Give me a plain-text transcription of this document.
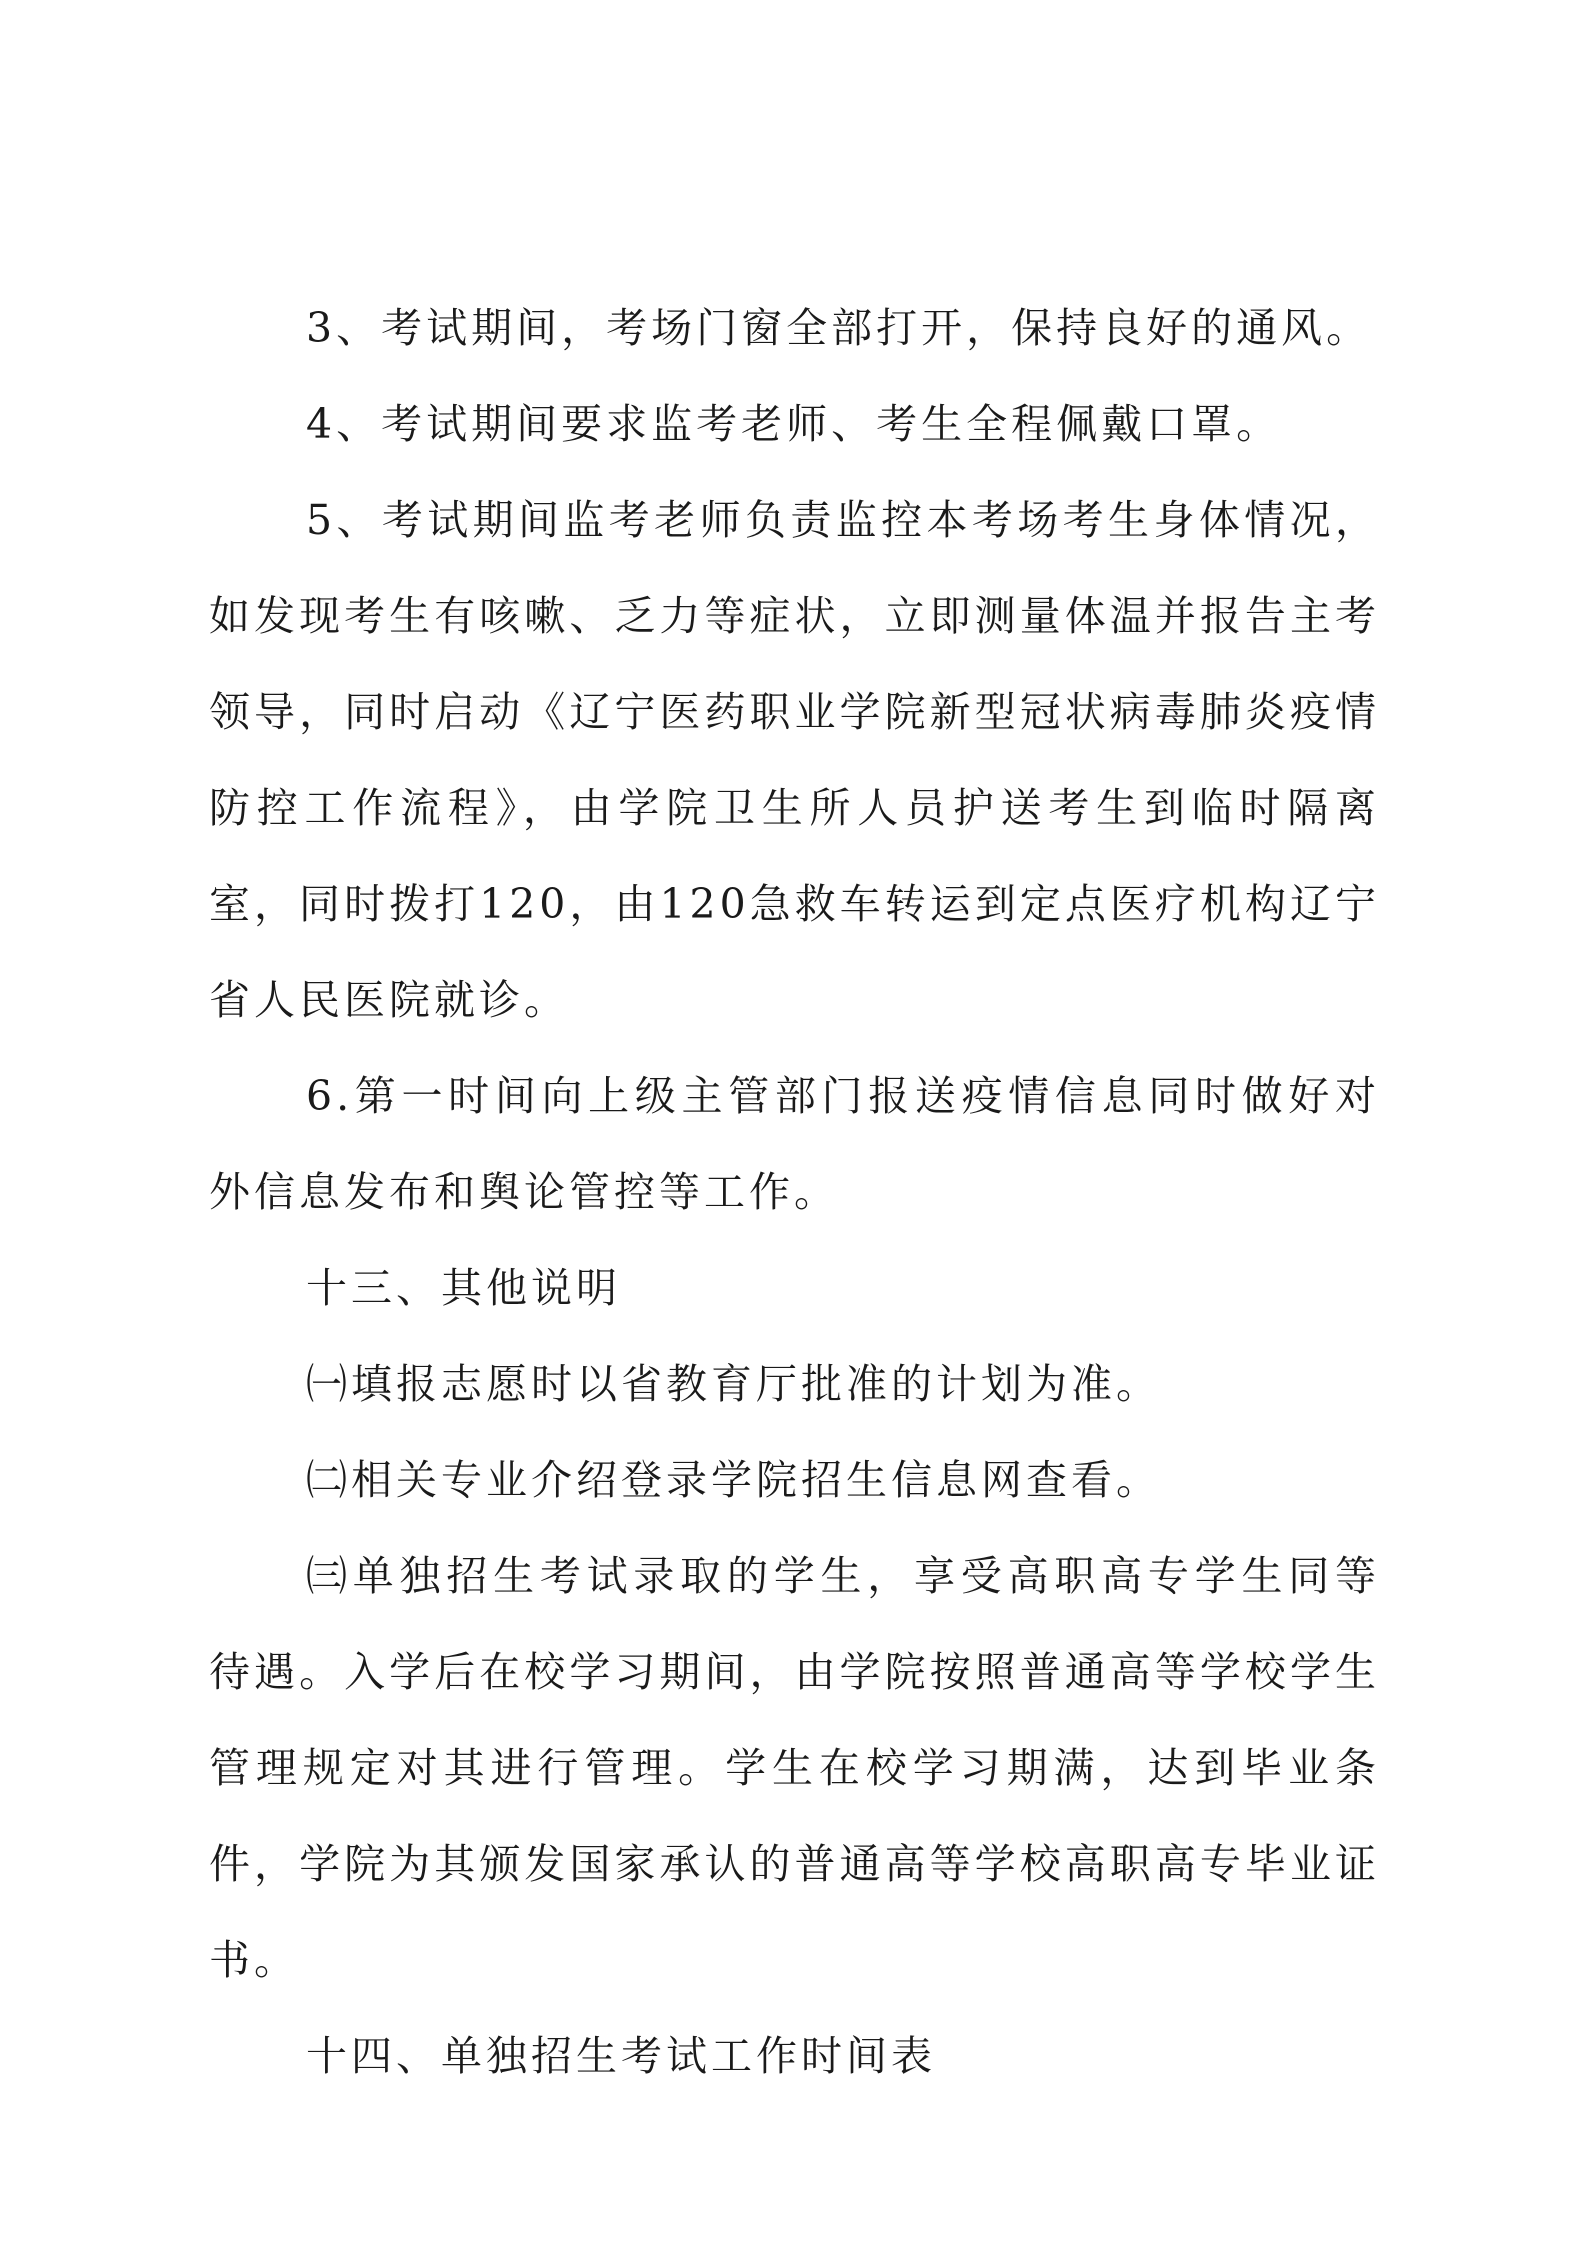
3、考试期间，考场门窗全部打开，保持良好的通风。

4、考试期间要求监考老师、考生全程佩戴口罩。

5、考试期间监考老师负责监控本考场考生身体情况，如发现考生有咳嗽、乏力等症状，立即测量体温并报告主考领导，同时启动《辽宁医药职业学院新型冠状病毒肺炎疫情防控工作流程》，由学院卫生所人员护送考生到临时隔离室，同时拨打120，由120急救车转运到定点医疗机构辽宁省人民医院就诊。

6.第一时间向上级主管部门报送疫情信息同时做好对外信息发布和舆论管控等工作。

十三、其他说明

㈠填报志愿时以省教育厅批准的计划为准。

㈡相关专业介绍登录学院招生信息网查看。

㈢单独招生考试录取的学生，享受高职高专学生同等待遇。入学后在校学习期间，由学院按照普通高等学校学生管理规定对其进行管理。学生在校学习期满，达到毕业条件，学院为其颁发国家承认的普通高等学校高职高专毕业证书。

十四、单独招生考试工作时间表
